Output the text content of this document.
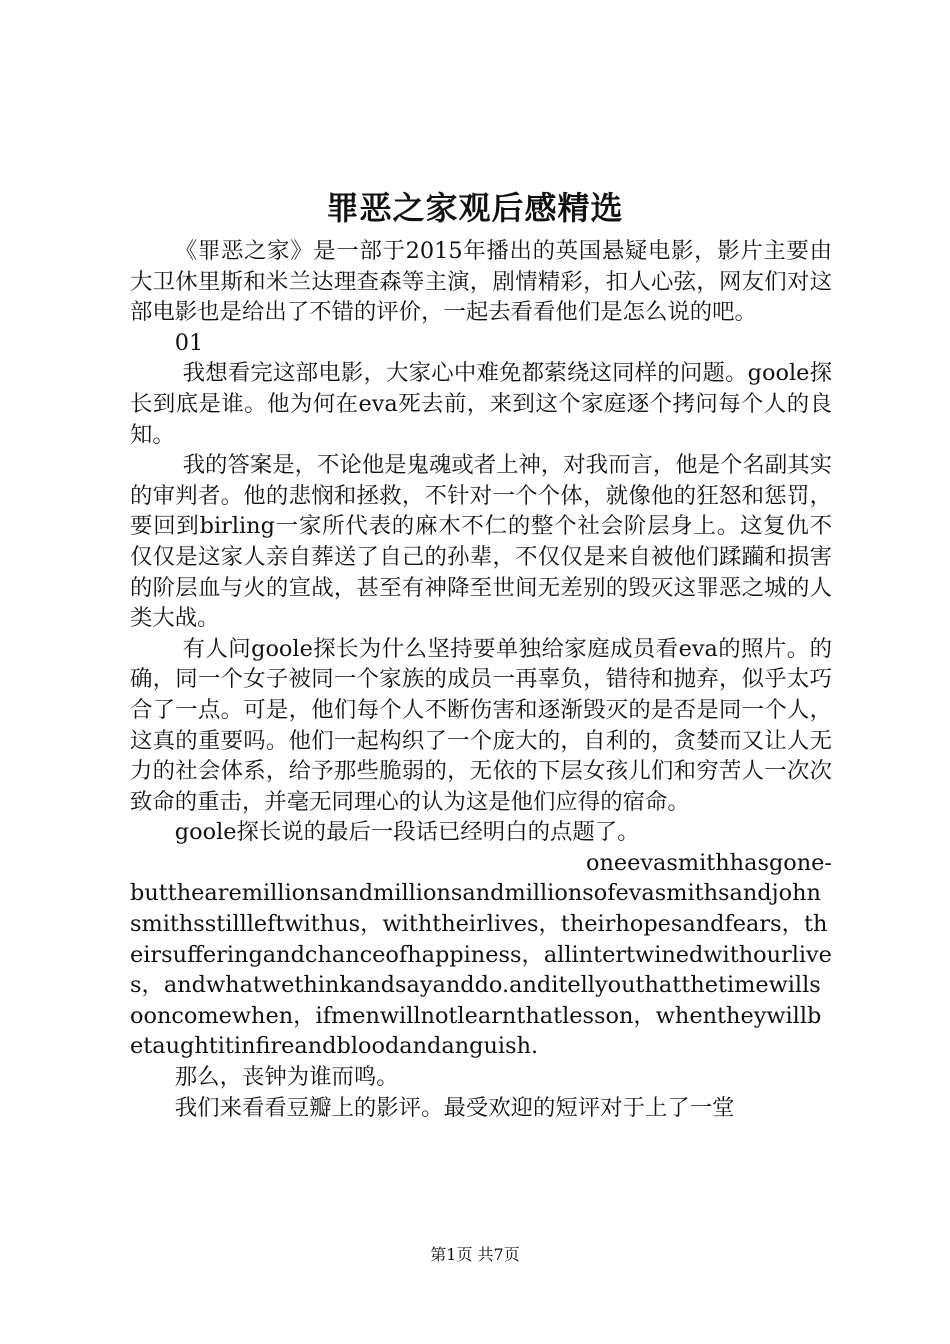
罪恶之家观后感精选

《罪恶之家》是一部于2015年播出的英国悬疑电影，影片主要由大卫休里斯和米兰达理查森等主演，剧情精彩，扣人心弦，网友们对这部电影也是给出了不错的评价，一起去看看他们是怎么说的吧。

01

我想看完这部电影，大家心中难免都萦绕这同样的问题。goole探长到底是谁。他为何在eva死去前，来到这个家庭逐个拷问每个人的良知。

我的答案是，不论他是鬼魂或者上神，对我而言，他是个名副其实的审判者。他的悲悯和拯救，不针对一个个体，就像他的狂怒和惩罚，要回到birling一家所代表的麻木不仁的整个社会阶层身上。这复仇不仅仅是这家人亲自葬送了自己的孙辈，不仅仅是来自被他们蹂躏和损害的阶层血与火的宣战，甚至有神降至世间无差别的毁灭这罪恶之城的人类大战。

有人问goole探长为什么坚持要单独给家庭成员看eva的照片。的确，同一个女子被同一个家族的成员一再辜负，错待和抛弃，似乎太巧合了一点。可是，他们每个人不断伤害和逐渐毁灭的是否是同一个人，这真的重要吗。他们一起构织了一个庞大的，自利的，贪婪而又让人无力的社会体系，给予那些脆弱的，无依的下层女孩儿们和穷苦人一次次致命的重击，并毫无同理心的认为这是他们应得的宿命。

goole探长说的最后一段话已经明白的点题了。

oneevasmithhasgone-

butthearemillionsandmillionsandmillionsofevasmithsandjohnsmithsstillleftwithus，withtheirlives，theirhopesandfears，theirsufferingandchanceofhappiness，allintertwinedwithourlives，andwhatwethinkandsayanddo.anditellyouthatthetimewillsooncomewhen，ifmenwillnotlearnthatlesson，whentheywillbetaughtitinfireandbloodandanguish.

那么，丧钟为谁而鸣。

我们来看看豆瓣上的影评。最受欢迎的短评对于上了一堂

第1页 共7页
